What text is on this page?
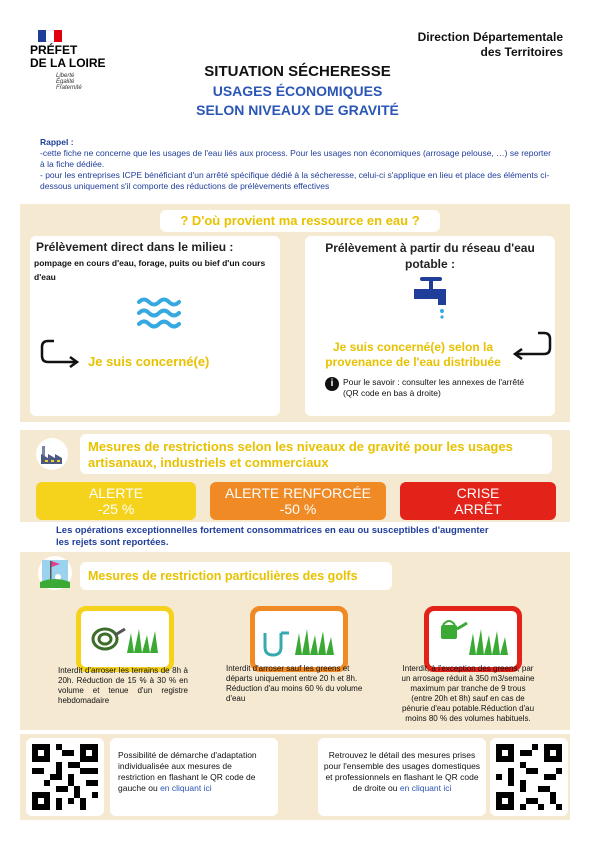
PRÉFET
DE LA LOIRE
Liberté
Égalité
Fraternité
Direction Départementale
des Territoires
SITUATION SÉCHERESSE
USAGES ÉCONOMIQUES
SELON NIVEAUX DE GRAVITÉ
Rappel :
-cette fiche ne concerne que les usages de l'eau liés aux process. Pour les usages non économiques (arrosage pelouse, …) se reporter à la fiche dédiée.
- pour les entreprises ICPE bénéficiant d'un arrêté spécifique dédié à la sécheresse, celui-ci s'applique en lieu et place des éléments ci-dessous uniquement s'il comporte des réductions de prélèvements effectives
? D'où provient ma ressource en eau ?
Prélèvement direct dans le milieu :
pompage en cours d'eau, forage, puits ou bief d'un cours d'eau
Je suis concerné(e)
Prélèvement à partir du réseau d'eau potable :
Je suis concerné(e) selon la provenance de l'eau distribuée
i	Pour le savoir : consulter les annexes de l'arrêté (QR code en bas à droite)
Mesures de restrictions selon les niveaux de gravité pour les usages artisanaux, industriels et commerciaux
ALERTE
-25 %
ALERTE RENFORCÉE
-50 %
CRISE
ARRÊT
Les opérations exceptionnelles fortement consommatrices en eau ou susceptibles d'augmenter les rejets sont reportées.
Mesures de restriction particulières des golfs
Interdit d'arroser les terrains de 8h à 20h. Réduction de 15 % à 30 % en volume et tenue d'un registre hebdomadaire
Interdit d'arroser sauf les greens et départs uniquement entre 20 h et 8h. Réduction d'au moins 60 % du volume d'eau
Interdit, à l'exception des greens, par un arrosage réduit à 350 m3/semaine maximum par tranche de 9 trous (entre 20h et 8h) sauf en cas de pénurie d'eau potable.Réduction d'au moins 80 % des volumes habituels.
Possibilité de démarche d'adaptation individualisée aux mesures de restriction en flashant le QR code de gauche ou en cliquant ici
Retrouvez le détail des mesures prises pour l'ensemble des usages domestiques et professionnels en flashant le QR code de droite ou en cliquant ici
